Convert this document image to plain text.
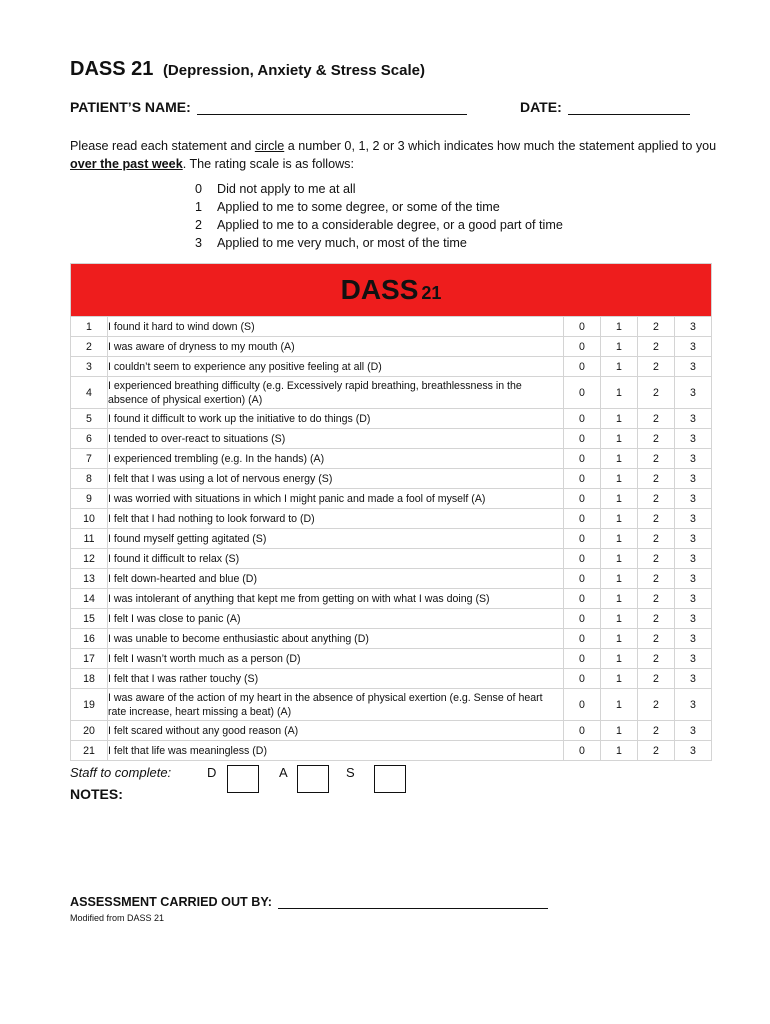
DASS 21 (Depression, Anxiety & Stress Scale)
PATIENT’S NAME:	DATE:
Please read each statement and circle a number 0, 1, 2 or 3 which indicates how much the statement applied to you over the past week. The rating scale is as follows:
0	Did not apply to me at all
1	Applied to me to some degree, or some of the time
2	Applied to me to a considerable degree, or a good part of time
3	Applied to me very much, or most of the time
DASS 21					
1	I found it hard to wind down (S)	0	1	2	3
2	I was aware of dryness to my mouth (A)	0	1	2	3
3	I couldn’t seem to experience any positive feeling at all (D)	0	1	2	3
4	I experienced breathing difficulty (e.g. Excessively rapid breathing, breathlessness in the absence of physical exertion) (A)	0	1	2	3
5	I found it difficult to work up the initiative to do things (D)	0	1	2	3
6	I tended to over-react to situations (S)	0	1	2	3
7	I experienced trembling (e.g. In the hands) (A)	0	1	2	3
8	I felt that I was using a lot of nervous energy (S)	0	1	2	3
9	I was worried with situations in which I might panic and made a fool of myself (A)	0	1	2	3
10	I felt that I had nothing to look forward to (D)	0	1	2	3
11	I found myself getting agitated (S)	0	1	2	3
12	I found it difficult to relax (S)	0	1	2	3
13	I felt down-hearted and blue (D)	0	1	2	3
14	I was intolerant of anything that kept me from getting on with what I was doing (S)	0	1	2	3
15	I felt I was close to panic (A)	0	1	2	3
16	I was unable to become enthusiastic about anything (D)	0	1	2	3
17	I felt I wasn’t worth much as a person (D)	0	1	2	3
18	I felt that I was rather touchy (S)	0	1	2	3
19	I was aware of the action of my heart in the absence of physical exertion (e.g. Sense of heart rate increase, heart missing a beat) (A)	0	1	2	3
20	I felt scared without any good reason (A)	0	1	2	3
21	I felt that life was meaningless (D)	0	1	2	3
Staff to complete:	D	A	S
NOTES:
ASSESSMENT CARRIED OUT BY:
Modified from DASS 21
